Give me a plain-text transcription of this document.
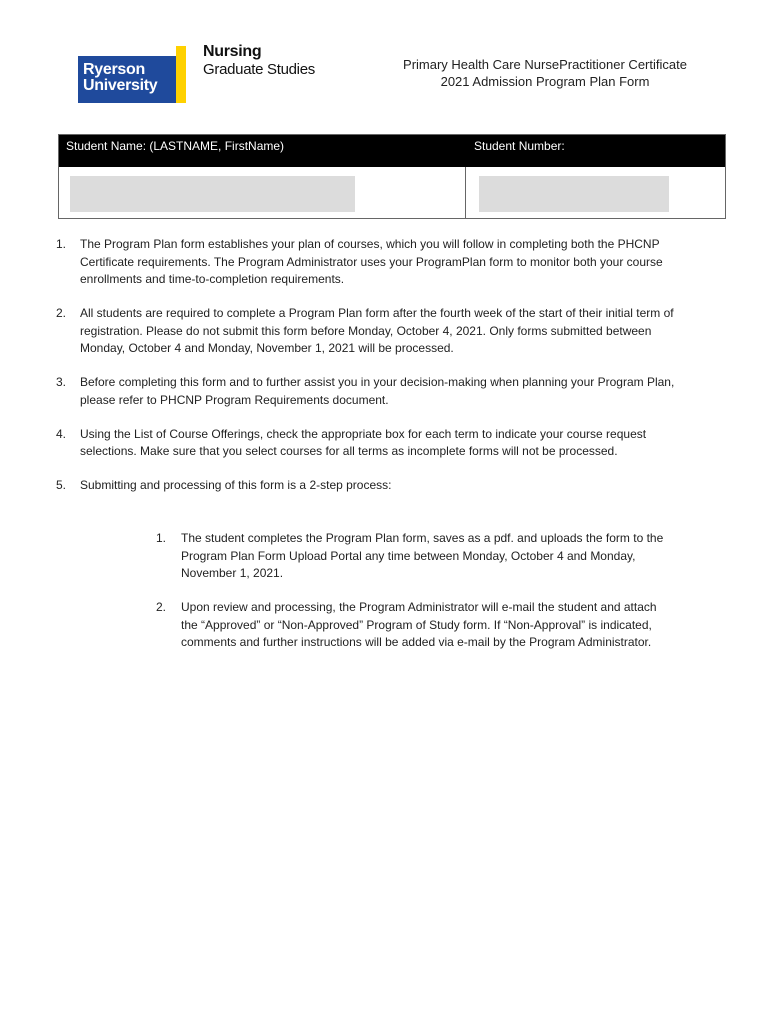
Ryerson
University
Nursing
Graduate Studies	Primary Health Care NursePractitioner Certificate
2021 Admission Program Plan Form
Student Name: (LASTNAME, FirstName)	Student Number:
1. The Program Plan form establishes your plan of courses, which you will follow in completing both the PHCNP Certificate requirements. The Program Administrator uses your ProgramPlan form to monitor both your course enrollments and time-to-completion requirements.
2. All students are required to complete a Program Plan form after the fourth week of the start of their initial term of registration. Please do not submit this form before Monday, October 4, 2021. Only forms submitted between Monday, October 4 and Monday, November 1, 2021 will be processed.
3. Before completing this form and to further assist you in your decision-making when planning your Program Plan, please refer to PHCNP Program Requirements document.
4. Using the List of Course Offerings, check the appropriate box for each term to indicate your course request selections. Make sure that you select courses for all terms as incomplete forms will not be processed.
5. Submitting and processing of this form is a 2-step process:
1. The student completes the Program Plan form, saves as a pdf. and uploads the form to the Program Plan Form Upload Portal any time between Monday, October 4 and Monday, November 1, 2021.
2. Upon review and processing, the Program Administrator will e-mail the student and attach the “Approved” or “Non-Approved” Program of Study form. If “Non-Approval” is indicated, comments and further instructions will be added via e-mail by the Program Administrator.
